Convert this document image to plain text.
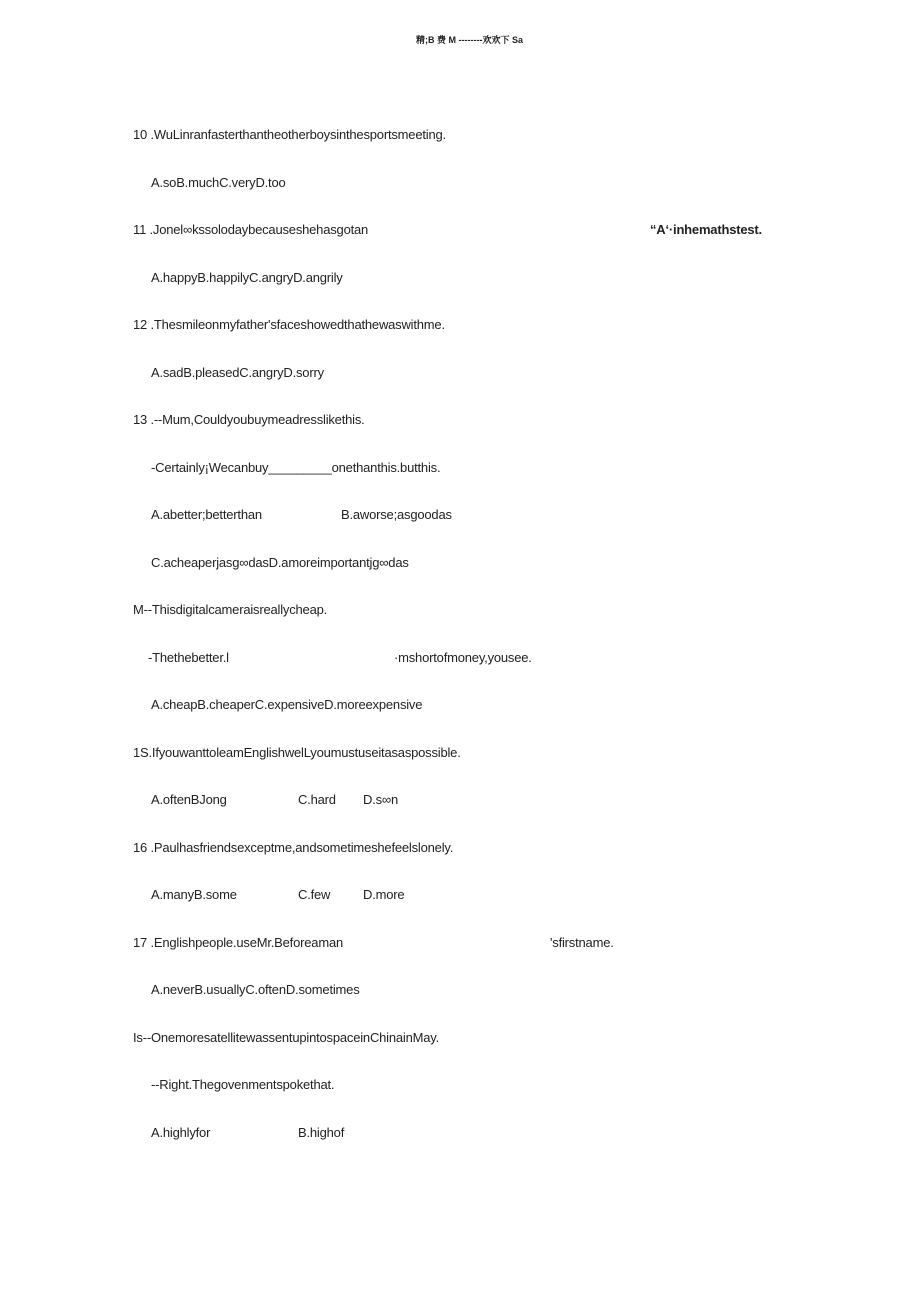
精;B 费 M --------欢欢下 Sa
10 .WuLinranfasterthantheotherboysinthesportsmeeting.
A.soB.muchC.veryD.too
11 .Jonel∞kssolodaybecauseshehasgotan	“A‘·inhemathstest.
A.happyB.happilyC.angryD.angrily
12 .Thesmileonmyfather'sfaceshowedthathewaswithme.
A.sadB.pleasedC.angryD.sorry
13 .--Mum,Couldyoubuymeadresslikethis.
-Certainly¡Wecanbuy_________onethanthis.butthis.
A.abetter;betterthan	B.aworse;asgoodas
C.acheaperjasg∞dasD.amoreimportantjg∞das
M--Thisdigitalcameraisreallycheap.
-Thethebetter.l	·mshortofmoney,yousee.
A.cheapB.cheaperC.expensiveD.moreexpensive
1S.IfyouwanttoleamEnglishwelLyoumustuseitasaspossible.
A.oftenBJong	C.hard D.s∞n
16 .Paulhasfriendsexceptme,andsometimeshefeelslonely.
A.manyB.some	C.few	D.more
17 .Englishpeople.useMr.Beforeaman	'sfirstname.
A.neverB.usuallyC.oftenD.sometimes
Is--OnemoresatellitewassentupintospaceinChinainMay.
--Right.Thegovenmentspokethat.
A.highlyfor	B.highof
